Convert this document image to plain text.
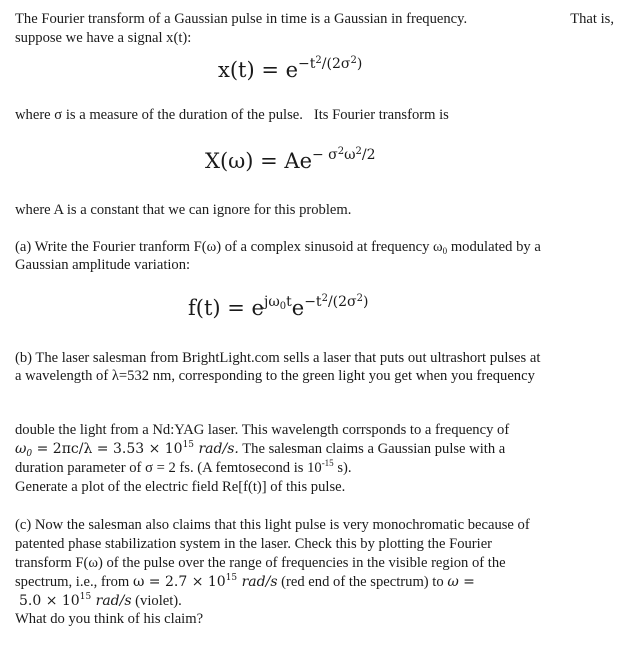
The Fourier transform of a Gaussian pulse in time is a Gaussian in frequency.	That is,

suppose we have a signal x(t):

$x(t) = e^{-t^2/(2\sigma^2)}$

where σ is a measure of the duration of the pulse. Its Fourier transform is

$X(\omega) = Ae^{- \sigma^2\omega^2/2}$

where A is a constant that we can ignore for this problem.

(a) Write the Fourier tranform F(ω) of a complex sinusoid at frequency $\omega_0$ modulated by a

Gaussian amplitude variation:

$f(t) = e^{j\omega_0t}e^{-t^2/(2\sigma^2)}$

(b) The laser salesman from BrightLight.com sells a laser that puts out ultrashort pulses at

a wavelength of λ=532 nm, corresponding to the green light you get when you frequency

double the light from a Nd:YAG laser. This wavelength corrsponds to a frequency of

$\omega_0 = 2\pi c/\lambda = 3.53 \times 10^{15}$ rad/s. The salesman claims a Gaussian pulse with a

duration parameter of σ = 2 fs. (A femtosecond is $10^{-15}$ s).

Generate a plot of the electric field Re[f(t)] of this pulse.

(c) Now the salesman also claims that this light pulse is very monochromatic because of

patented phase stabilization system in the laser. Check this by plotting the Fourier

transform F(ω) of the pulse over the range of frequencies in the visible region of the

spectrum, i.e., from $\omega = 2.7 \times 10^{15}$ rad/s (red end of the spectrum) to ω =

$5.0 \times 10^{15}$ rad/s (violet).

What do you think of his claim?
